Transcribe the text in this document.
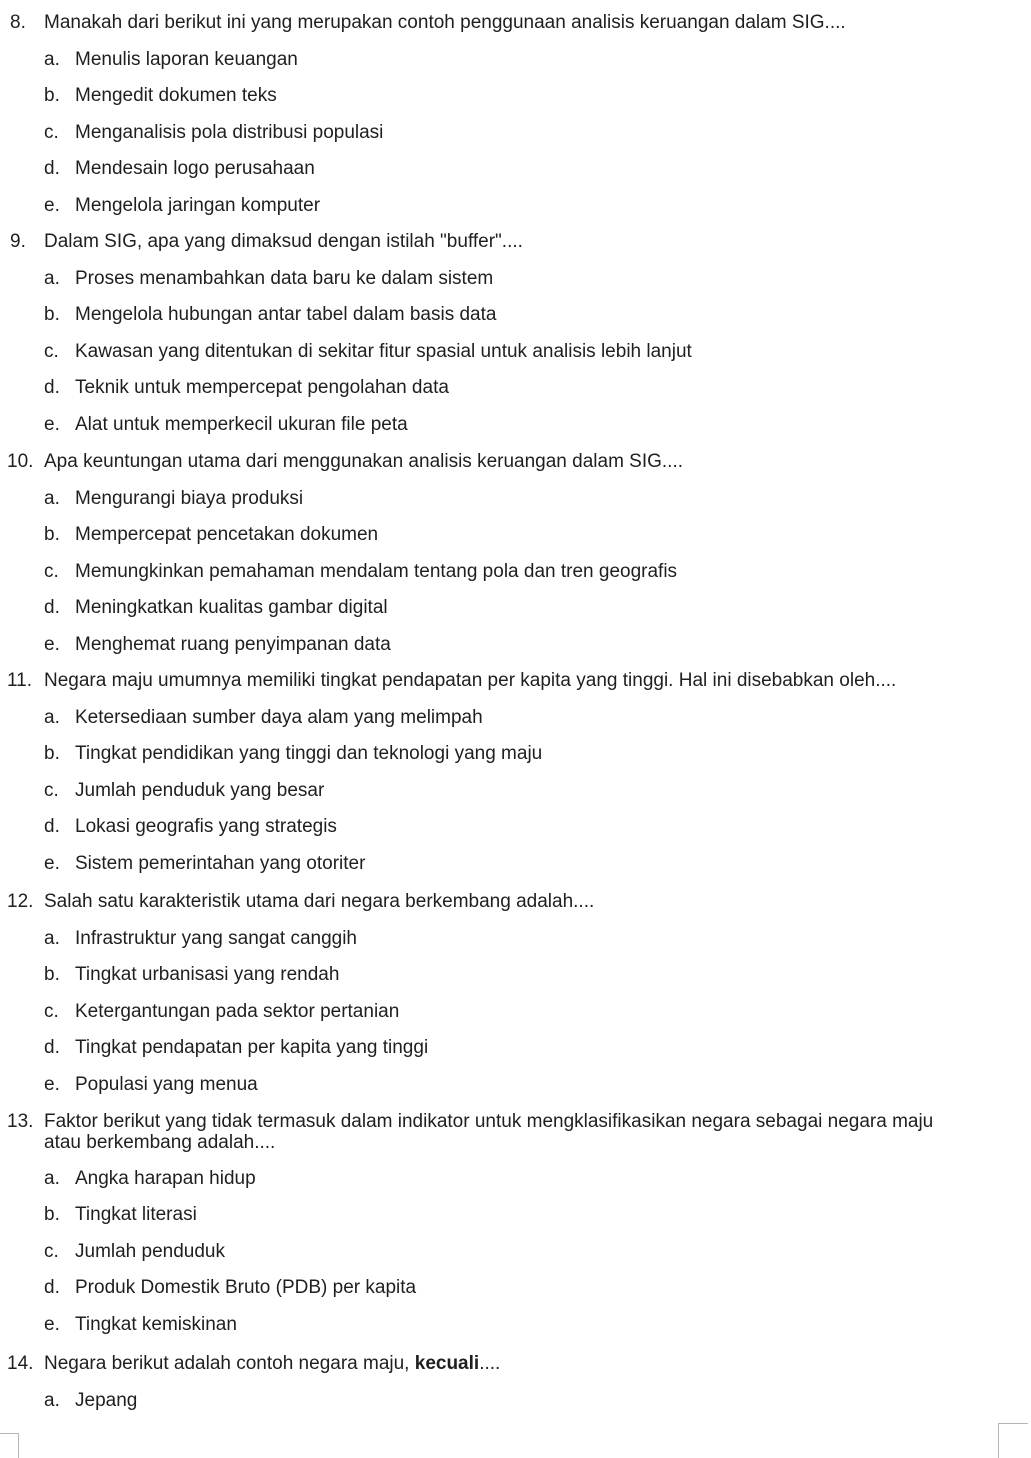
8. Manakah dari berikut ini yang merupakan contoh penggunaan analisis keruangan dalam SIG....

a. Menulis laporan keuangan
b. Mengedit dokumen teks
c. Menganalisis pola distribusi populasi
d. Mendesain logo perusahaan
e. Mengelola jaringan komputer

9. Dalam SIG, apa yang dimaksud dengan istilah "buffer"....

a. Proses menambahkan data baru ke dalam sistem
b. Mengelola hubungan antar tabel dalam basis data
c. Kawasan yang ditentukan di sekitar fitur spasial untuk analisis lebih lanjut
d. Teknik untuk mempercepat pengolahan data
e. Alat untuk memperkecil ukuran file peta

10. Apa keuntungan utama dari menggunakan analisis keruangan dalam SIG....

a. Mengurangi biaya produksi
b. Mempercepat pencetakan dokumen
c. Memungkinkan pemahaman mendalam tentang pola dan tren geografis
d. Meningkatkan kualitas gambar digital
e. Menghemat ruang penyimpanan data

11. Negara maju umumnya memiliki tingkat pendapatan per kapita yang tinggi. Hal ini disebabkan oleh....

a. Ketersediaan sumber daya alam yang melimpah
b. Tingkat pendidikan yang tinggi dan teknologi yang maju
c. Jumlah penduduk yang besar
d. Lokasi geografis yang strategis
e. Sistem pemerintahan yang otoriter

12. Salah satu karakteristik utama dari negara berkembang adalah....

a. Infrastruktur yang sangat canggih
b. Tingkat urbanisasi yang rendah
c. Ketergantungan pada sektor pertanian
d. Tingkat pendapatan per kapita yang tinggi
e. Populasi yang menua

13. Faktor berikut yang tidak termasuk dalam indikator untuk mengklasifikasikan negara sebagai negara maju atau berkembang adalah....

a. Angka harapan hidup
b. Tingkat literasi
c. Jumlah penduduk
d. Produk Domestik Bruto (PDB) per kapita
e. Tingkat kemiskinan

14. Negara berikut adalah contoh negara maju, kecuali....

a. Jepang
